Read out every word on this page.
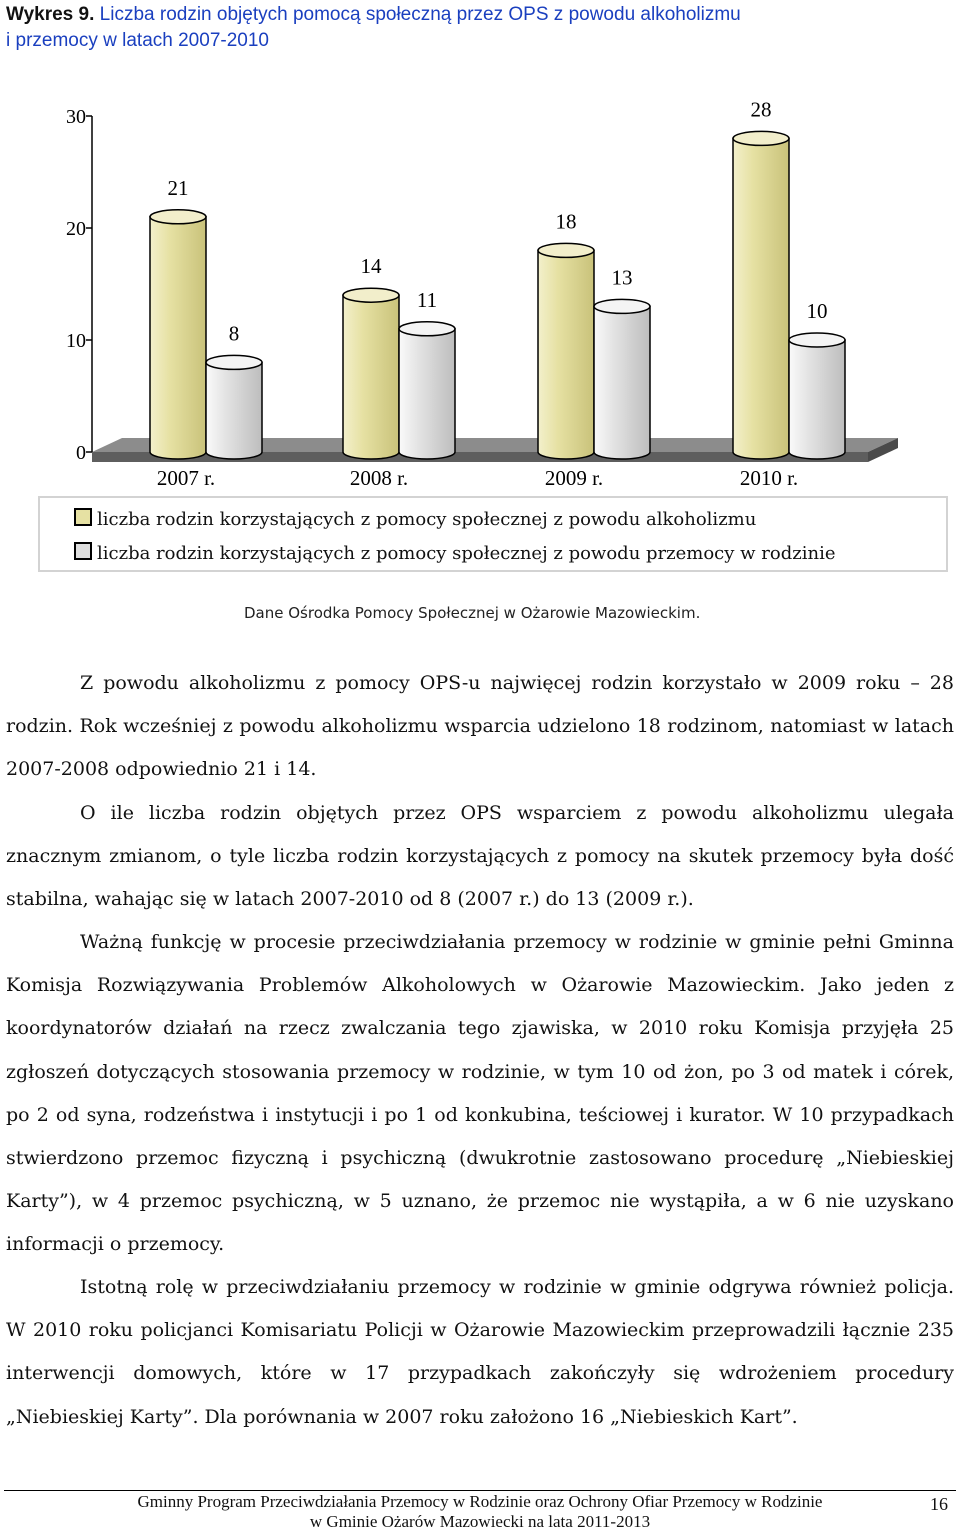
Wykres 9. Liczba rodzin objętych pomocą społeczną przez OPS z powodu alkoholizmu
i przemocy w latach 2007-2010
0
10
20
30
21
8
2007 r.
14
11
2008 r.
18
13
2009 r.
28
10
2010 r.
liczba rodzin korzystających z pomocy społecznej z powodu alkoholizmu
liczba rodzin korzystających z pomocy społecznej z powodu przemocy w rodzinie
Dane Ośrodka Pomocy Społecznej w Ożarowie Mazowieckim.

Z powodu alkoholizmu z pomocy OPS-u najwięcej rodzin korzystało w 2009 roku – 28 rodzin. Rok wcześniej z powodu alkoholizmu wsparcia udzielono 18 rodzinom, natomiast w latach 2007-2008 odpowiednio 21 i 14.

O ile liczba rodzin objętych przez OPS wsparciem z powodu alkoholizmu ulegała znacznym zmianom, o tyle liczba rodzin korzystających z pomocy na skutek przemocy była dość stabilna, wahając się w latach 2007-2010 od 8 (2007 r.) do 13 (2009 r.).

Ważną funkcję w procesie przeciwdziałania przemocy w rodzinie w gminie pełni Gminna Komisja Rozwiązywania Problemów Alkoholowych w Ożarowie Mazowieckim. Jako jeden z koordynatorów działań na rzecz zwalczania tego zjawiska, w 2010 roku Komisja przyjęła 25 zgłoszeń dotyczących stosowania przemocy w rodzinie, w tym 10 od żon, po 3 od matek i córek, po 2 od syna, rodzeństwa i instytucji i po 1 od konkubina, teściowej i kurator. W 10 przypadkach stwierdzono przemoc fizyczną i psychiczną (dwukrotnie zastosowano procedurę „Niebieskiej Karty”), w 4 przemoc psychiczną, w 5 uznano, że przemoc nie wystąpiła, a w 6 nie uzyskano informacji o przemocy.

Istotną rolę w przeciwdziałaniu przemocy w rodzinie w gminie odgrywa również policja. W 2010 roku policjanci Komisariatu Policji w Ożarowie Mazowieckim przeprowadzili łącznie 235 interwencji domowych, które w 17 przypadkach zakończyły się wdrożeniem procedury „Niebieskiej Karty”. Dla porównania w 2007 roku założono 16 „Niebieskich Kart”.

Gminny Program Przeciwdziałania Przemocy w Rodzinie oraz Ochrony Ofiar Przemocy w Rodzinie
w Gminie Ożarów Mazowiecki na lata 2011-2013
16
